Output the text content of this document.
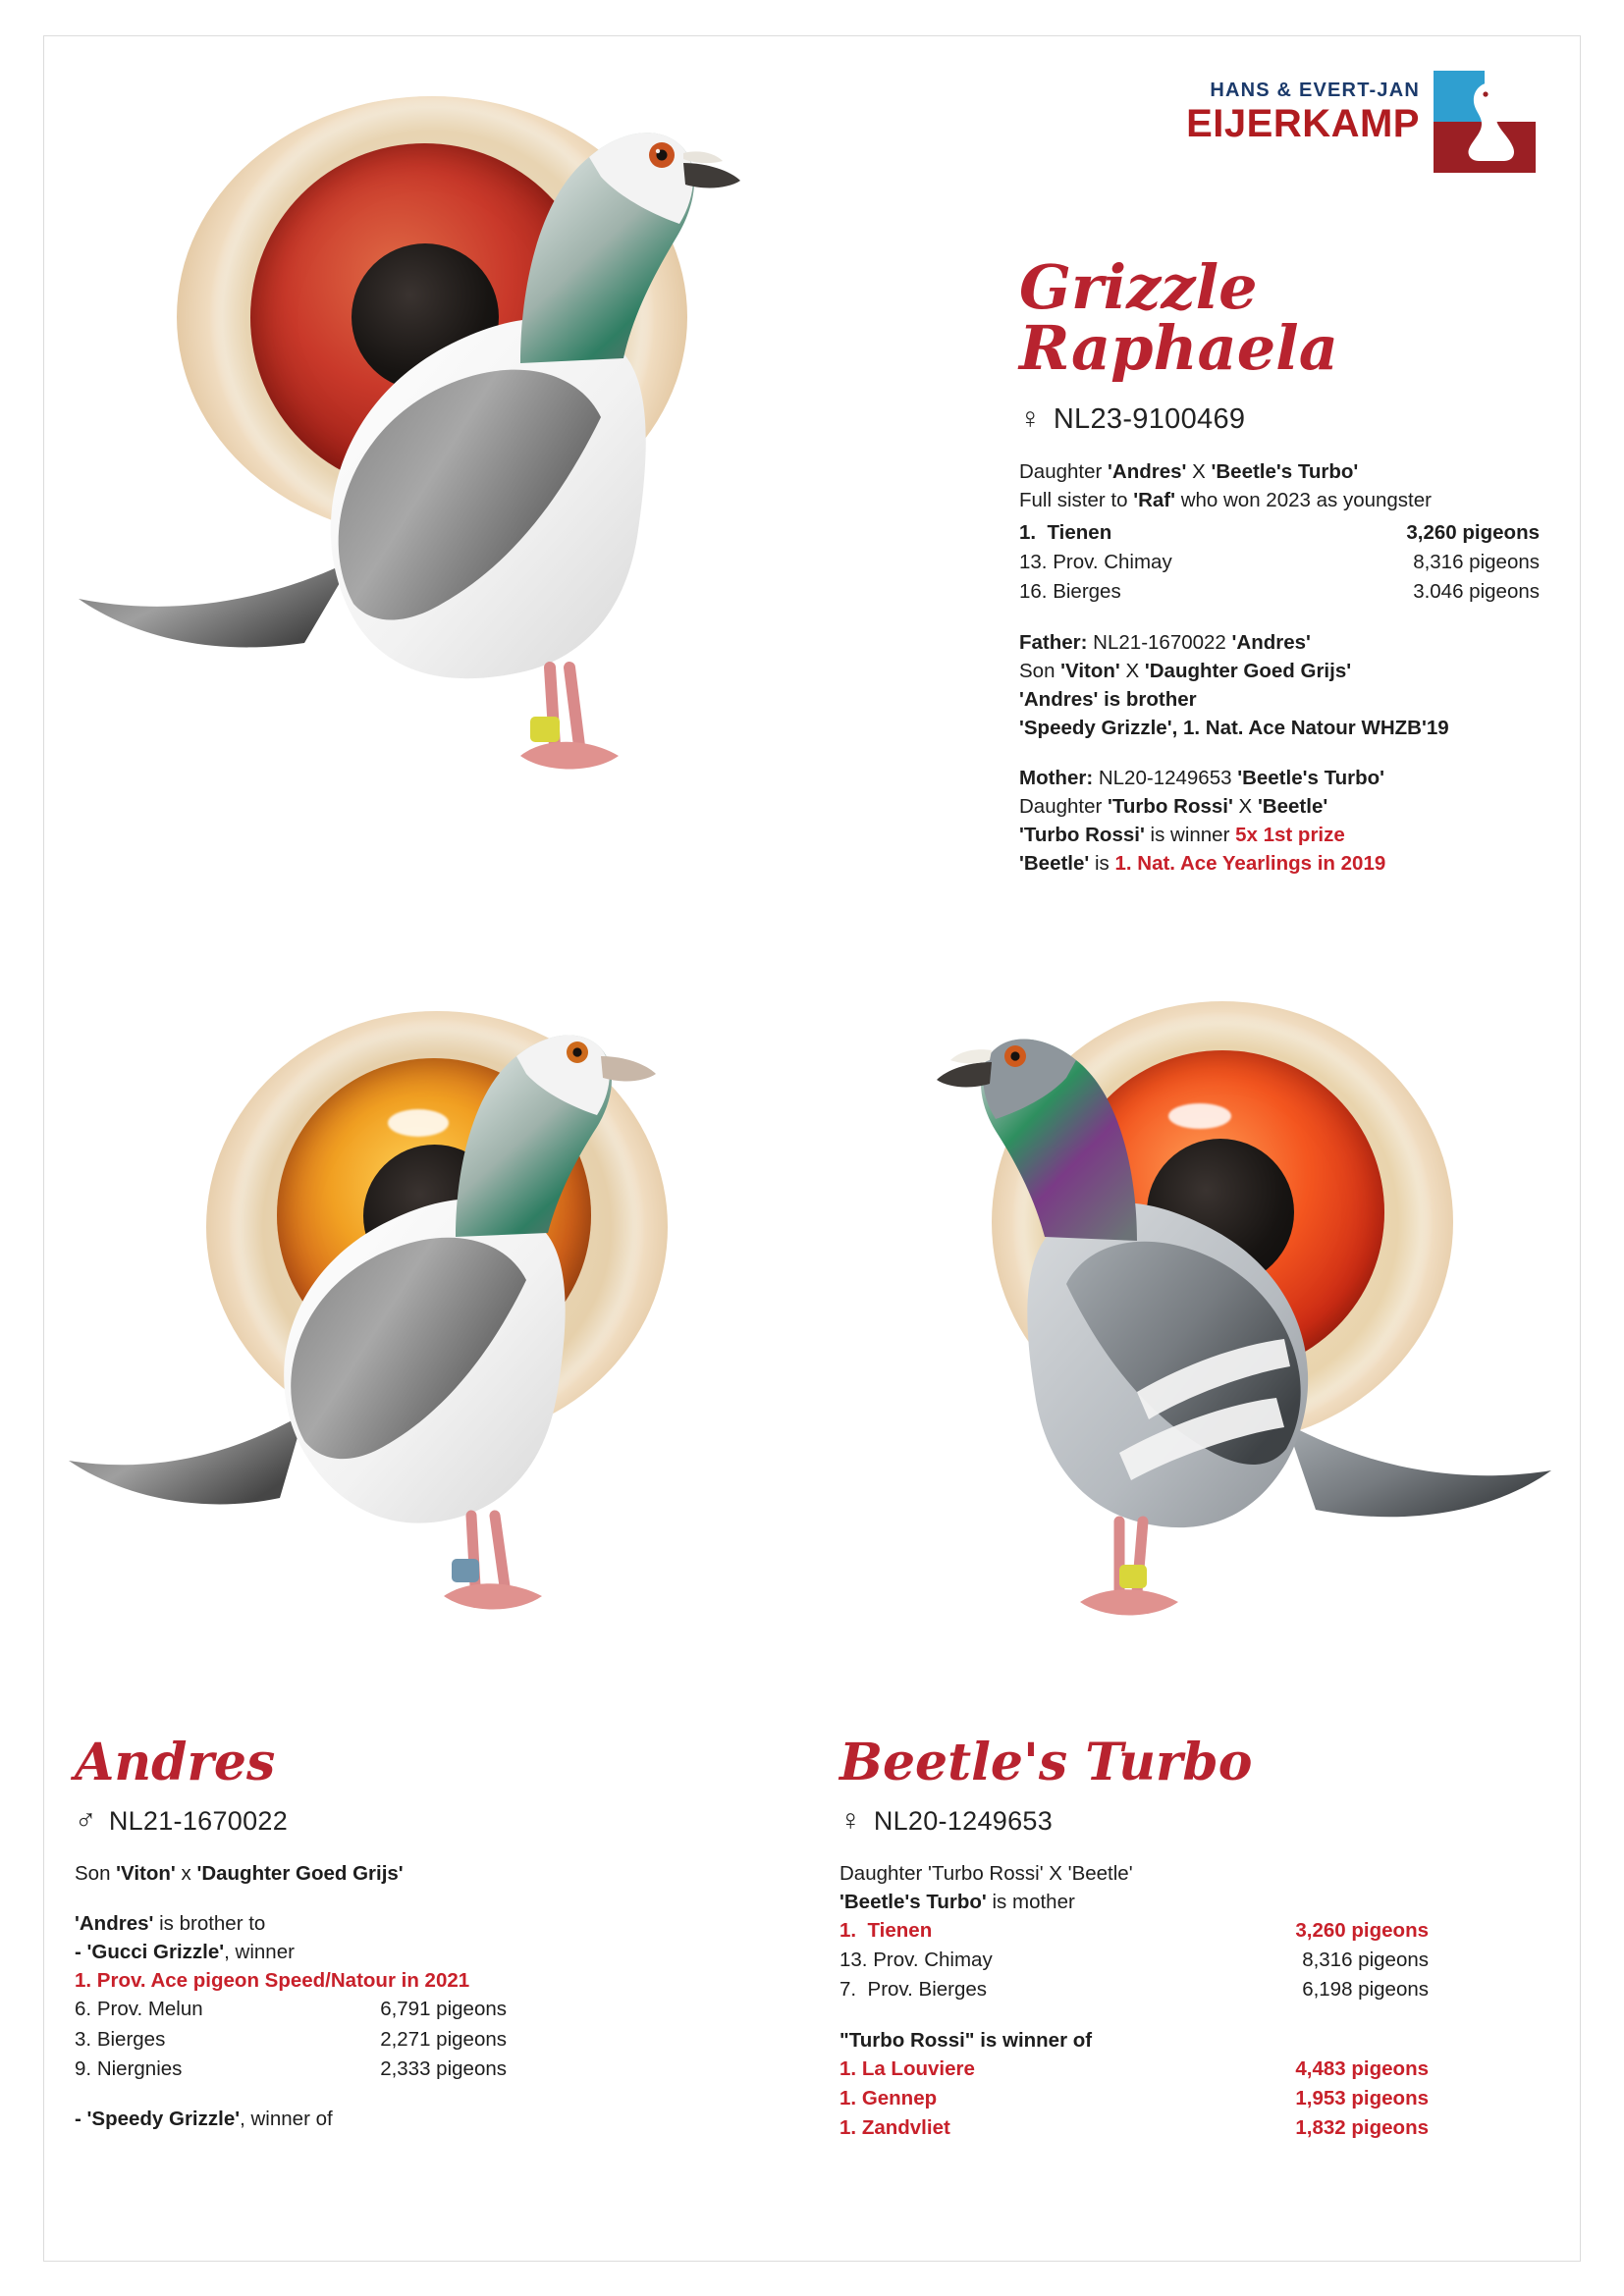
HANS & EVERT-JAN
EIJERKAMP
Grizzle
Raphaela
♀ NL23-9100469
Daughter 'Andres' X 'Beetle's Turbo'
Full sister to 'Raf' who won 2023 as youngster
1. Tienen	3,260 pigeons
13. Prov. Chimay	8,316 pigeons
16. Bierges	3.046 pigeons
Father: NL21-1670022 'Andres'
Son 'Viton' X 'Daughter Goed Grijs'
'Andres' is brother
'Speedy Grizzle', 1. Nat. Ace Natour WHZB'19
Mother: NL20-1249653 'Beetle's Turbo'
Daughter 'Turbo Rossi' X 'Beetle'
'Turbo Rossi' is winner 5x 1st prize
'Beetle' is 1. Nat. Ace Yearlings in 2019
Andres
♂ NL21-1670022
Son 'Viton' x 'Daughter Goed Grijs'
'Andres' is brother to
- 'Gucci Grizzle', winner
1. Prov. Ace pigeon Speed/Natour in 2021
6. Prov. Melun	6,791 pigeons
3. Bierges	2,271 pigeons
9. Niergnies	2,333 pigeons
- 'Speedy Grizzle', winner of
Beetle's Turbo
♀ NL20-1249653
Daughter 'Turbo Rossi' X 'Beetle'
'Beetle's Turbo' is mother
1. Tienen	3,260 pigeons
13. Prov. Chimay	8,316 pigeons
7. Prov. Bierges	6,198 pigeons
"Turbo Rossi" is winner of
1. La Louviere	4,483 pigeons
1. Gennep	1,953 pigeons
1. Zandvliet	1,832 pigeons
